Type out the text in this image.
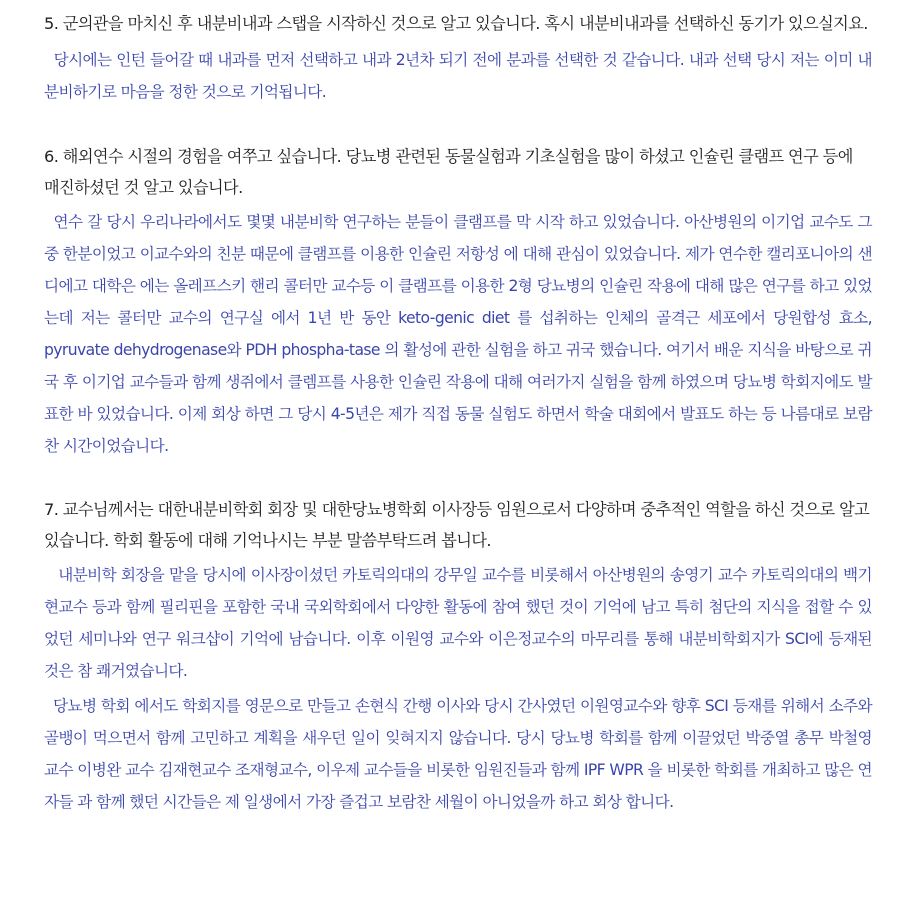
5. 군의관을 마치신 후 내분비내과 스탭을 시작하신 것으로 알고 있습니다. 혹시 내분비내과를 선택하신 동기가 있으실지요.

당시에는 인턴 들어갈 때 내과를 먼저 선택하고 내과 2년차 되기 전에 분과를 선택한 것 같습니다. 내과 선택 당시 저는 이미 내분비하기로 마음을 정한 것으로 기억됩니다.

6. 해외연수 시절의 경험을 여쭈고 싶습니다. 당뇨병 관련된 동물실험과 기초실험을 많이 하셨고 인슐린 클램프 연구 등에 매진하셨던 것 알고 있습니다.

연수 갈 당시 우리나라에서도 몇몇 내분비학 연구하는 분들이 클램프를 막 시작 하고 있었습니다. 아산병원의 이기업 교수도 그중 한분이었고 이교수와의 친분 때문에 클램프를 이용한 인슐린 저항성 에 대해 관심이 있었습니다. 제가 연수한 캘리포니아의 샌디에고 대학은 에는 올레프스키 핸리 콜터만 교수등 이 클램프를 이용한 2형 당뇨병의 인슐린 작용에 대해 많은 연구를 하고 있었는데 저는 콜터만 교수의 연구실 에서 1년 반 동안 keto-genic diet 를 섭취하는 인체의 골격근 세포에서 당원합성 효소, pyruvate dehydrogenase와 PDH phospha-tase 의 활성에 관한 실험을 하고 귀국 했습니다. 여기서 배운 지식을 바탕으로 귀국 후 이기업 교수들과 함께 생쥐에서 클렘프를 사용한 인슐린 작용에 대해 여러가지 실험을 함께 하였으며 당뇨병 학회지에도 발표한 바 있었습니다. 이제 회상 하면 그 당시 4-5년은 제가 직접 동물 실험도 하면서 학술 대회에서 발표도 하는 등 나름대로 보람찬 시간이었습니다.

7. 교수님께서는 대한내분비학회 회장 및 대한당뇨병학회 이사장등 임원으로서 다양하며 중추적인 역할을 하신 것으로 알고 있습니다. 학회 활동에 대해 기억나시는 부분 말씀부탁드려 봅니다.

내분비학 회장을 맡을 당시에 이사장이셨던 카토릭의대의 강무일 교수를 비롯해서 아산병원의 송영기 교수 카토릭의대의 백기현교수 등과 함께 필리핀을 포함한 국내 국외학회에서 다양한 활동에 참여 했던 것이 기억에 남고 특히 첨단의 지식을 접할 수 있었던 세미나와 연구 워크샵이 기억에 남습니다. 이후 이원영 교수와 이은정교수의 마무리를 통해 내분비학회지가 SCI에 등재된 것은 참 쾌거였습니다.

당뇨병 학회 에서도 학회지를 영문으로 만들고 손현식 간행 이사와 당시 간사였던 이원영교수와 향후 SCI 등재를 위해서 소주와 골뱅이 먹으면서 함께 고민하고 계획을 새우던 일이 잊혀지지 않습니다. 당시 당뇨병 학회를 함께 이끌었던 박중열 총무 박철영 교수 이병완 교수 김재현교수 조재형교수, 이우제 교수들을 비롯한 임원진들과 함께 IPF WPR 을 비롯한 학회를 개최하고 많은 연자들 과 함께 했던 시간들은 제 일생에서 가장 즐겁고 보람찬 세월이 아니었을까 하고 회상 합니다.
